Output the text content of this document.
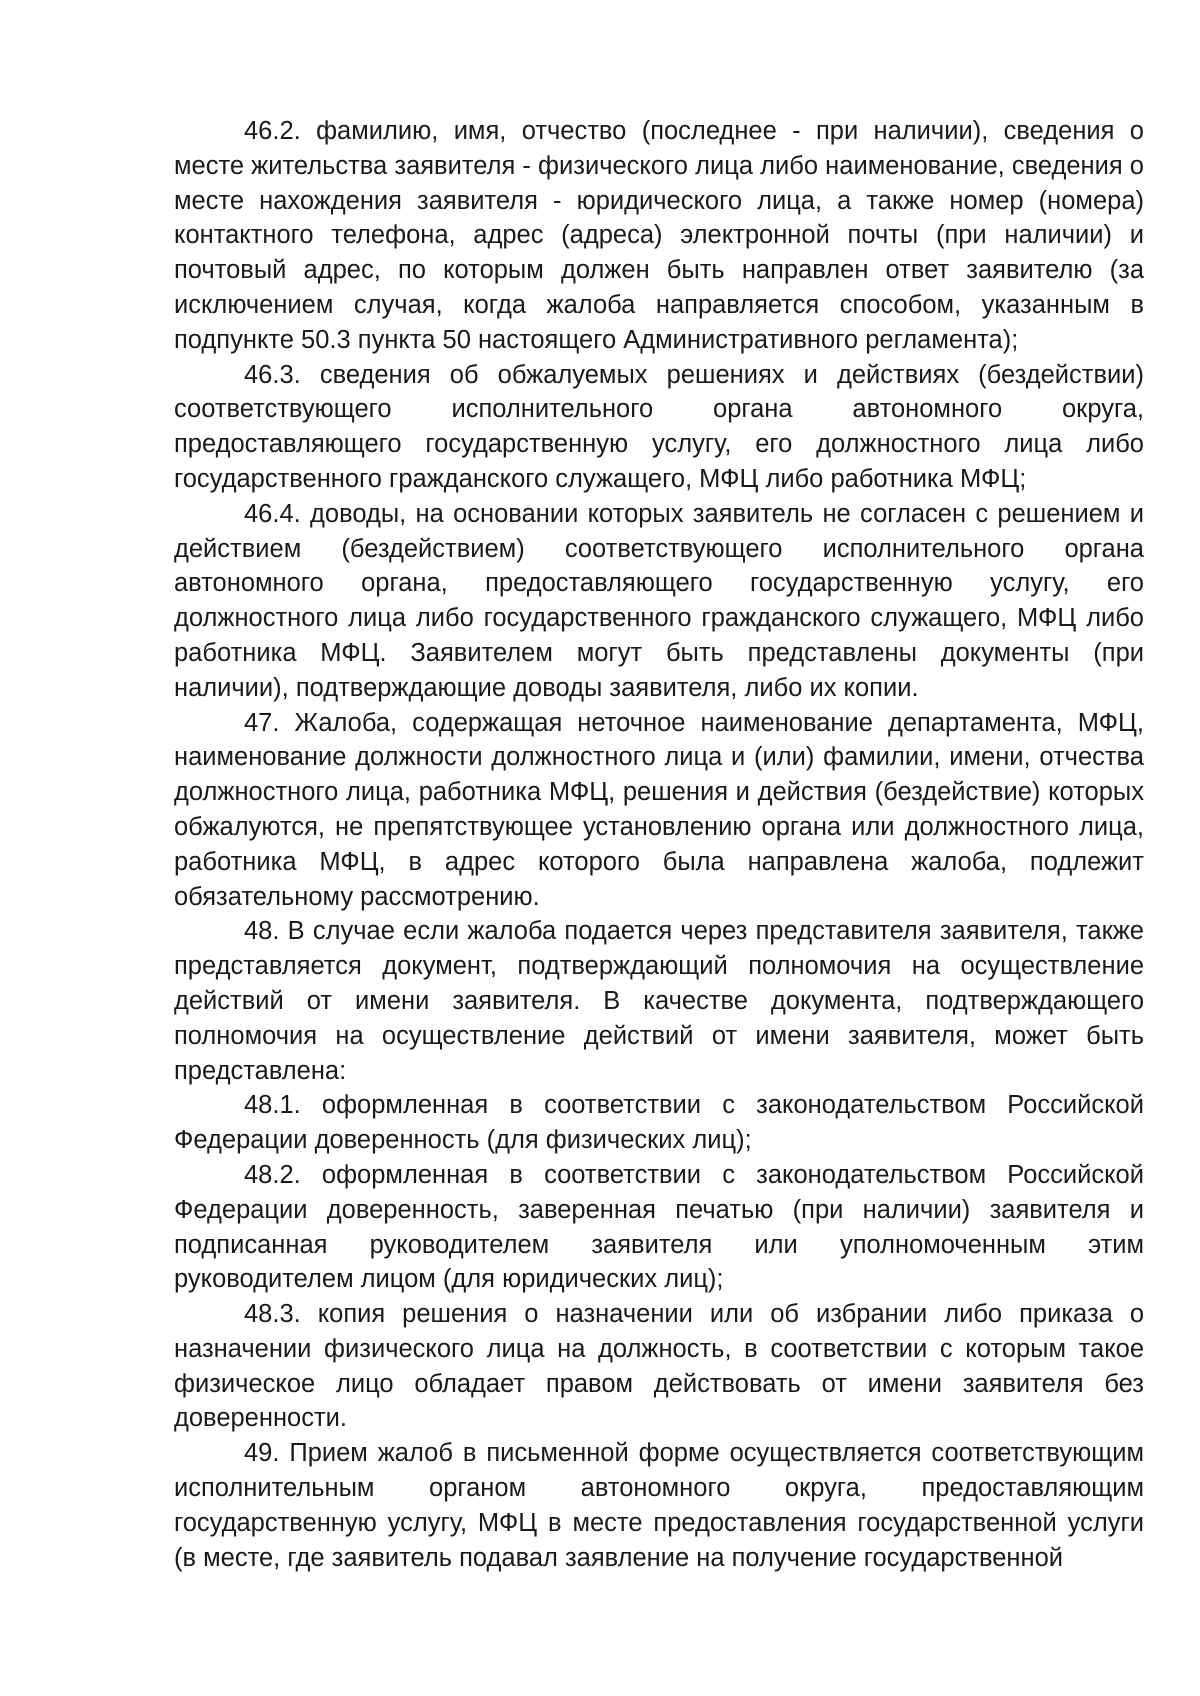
46.2. фамилию, имя, отчество (последнее - при наличии), сведения о месте жительства заявителя - физического лица либо наименование, сведения о месте нахождения заявителя - юридического лица, а также номер (номера) контактного телефона, адрес (адреса) электронной почты (при наличии) и почтовый адрес, по которым должен быть направлен ответ заявителю (за исключением случая, когда жалоба направляется способом, указанным в подпункте 50.3 пункта 50 настоящего Административного регламента);

46.3. сведения об обжалуемых решениях и действиях (бездействии) соответствующего исполнительного органа автономного округа, предоставляющего государственную услугу, его должностного лица либо государственного гражданского служащего, МФЦ либо работника МФЦ;

46.4. доводы, на основании которых заявитель не согласен с решением и действием (бездействием) соответствующего исполнительного органа автономного органа, предоставляющего государственную услугу, его должностного лица либо государственного гражданского служащего, МФЦ либо работника МФЦ. Заявителем могут быть представлены документы (при наличии), подтверждающие доводы заявителя, либо их копии.

47. Жалоба, содержащая неточное наименование департамента, МФЦ, наименование должности должностного лица и (или) фамилии, имени, отчества должностного лица, работника МФЦ, решения и действия (бездействие) которых обжалуются, не препятствующее установлению органа или должностного лица, работника МФЦ, в адрес которого была направлена жалоба, подлежит обязательному рассмотрению.

48. В случае если жалоба подается через представителя заявителя, также представляется документ, подтверждающий полномочия на осуществление действий от имени заявителя. В качестве документа, подтверждающего полномочия на осуществление действий от имени заявителя, может быть представлена:

48.1. оформленная в соответствии с законодательством Российской Федерации доверенность (для физических лиц);

48.2. оформленная в соответствии с законодательством Российской Федерации доверенность, заверенная печатью (при наличии) заявителя и подписанная руководителем заявителя или уполномоченным этим руководителем лицом (для юридических лиц);

48.3. копия решения о назначении или об избрании либо приказа о назначении физического лица на должность, в соответствии с которым такое физическое лицо обладает правом действовать от имени заявителя без доверенности.

49. Прием жалоб в письменной форме осуществляется соответствующим исполнительным органом автономного округа, предоставляющим государственную услугу, МФЦ в месте предоставления государственной услуги (в месте, где заявитель подавал заявление на получение государственной
